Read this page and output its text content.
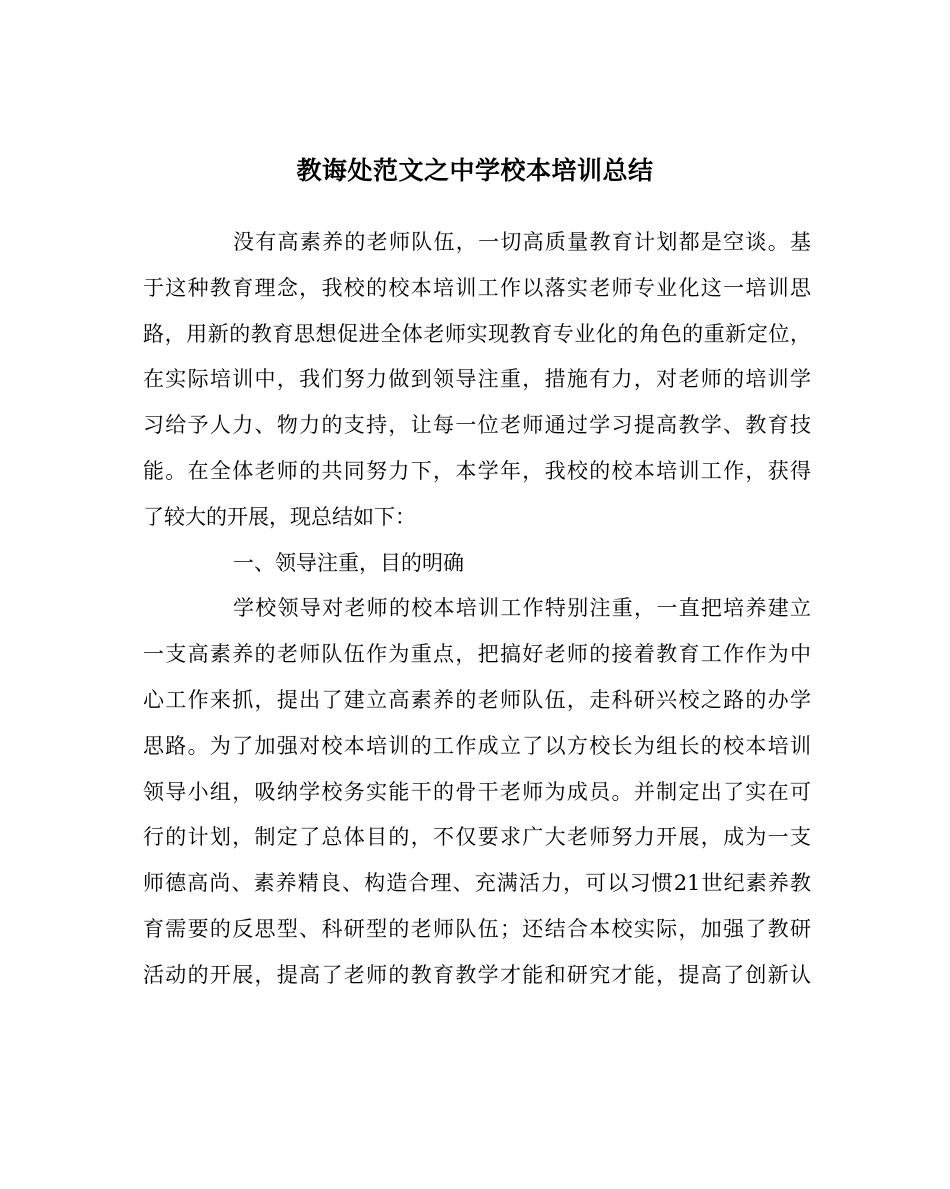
教诲处范文之中学校本培训总结
没有高素养的老师队伍，一切高质量教育计划都是空谈。基
于这种教育理念，我校的校本培训工作以落实老师专业化这一培训思
路，用新的教育思想促进全体老师实现教育专业化的角色的重新定位，
在实际培训中，我们努力做到领导注重，措施有力，对老师的培训学
习给予人力、物力的支持，让每一位老师通过学习提高教学、教育技
能。在全体老师的共同努力下，本学年，我校的校本培训工作，获得
了较大的开展，现总结如下：
一、领导注重，目的明确
学校领导对老师的校本培训工作特别注重，一直把培养建立
一支高素养的老师队伍作为重点，把搞好老师的接着教育工作作为中
心工作来抓，提出了建立高素养的老师队伍，走科研兴校之路的办学
思路。为了加强对校本培训的工作成立了以方校长为组长的校本培训
领导小组，吸纳学校务实能干的骨干老师为成员。并制定出了实在可
行的计划，制定了总体目的，不仅要求广大老师努力开展，成为一支
师德高尚、素养精良、构造合理、充满活力，可以习惯21世纪素养教
育需要的反思型、科研型的老师队伍；还结合本校实际，加强了教研
活动的开展，提高了老师的教育教学才能和研究才能，提高了创新认
